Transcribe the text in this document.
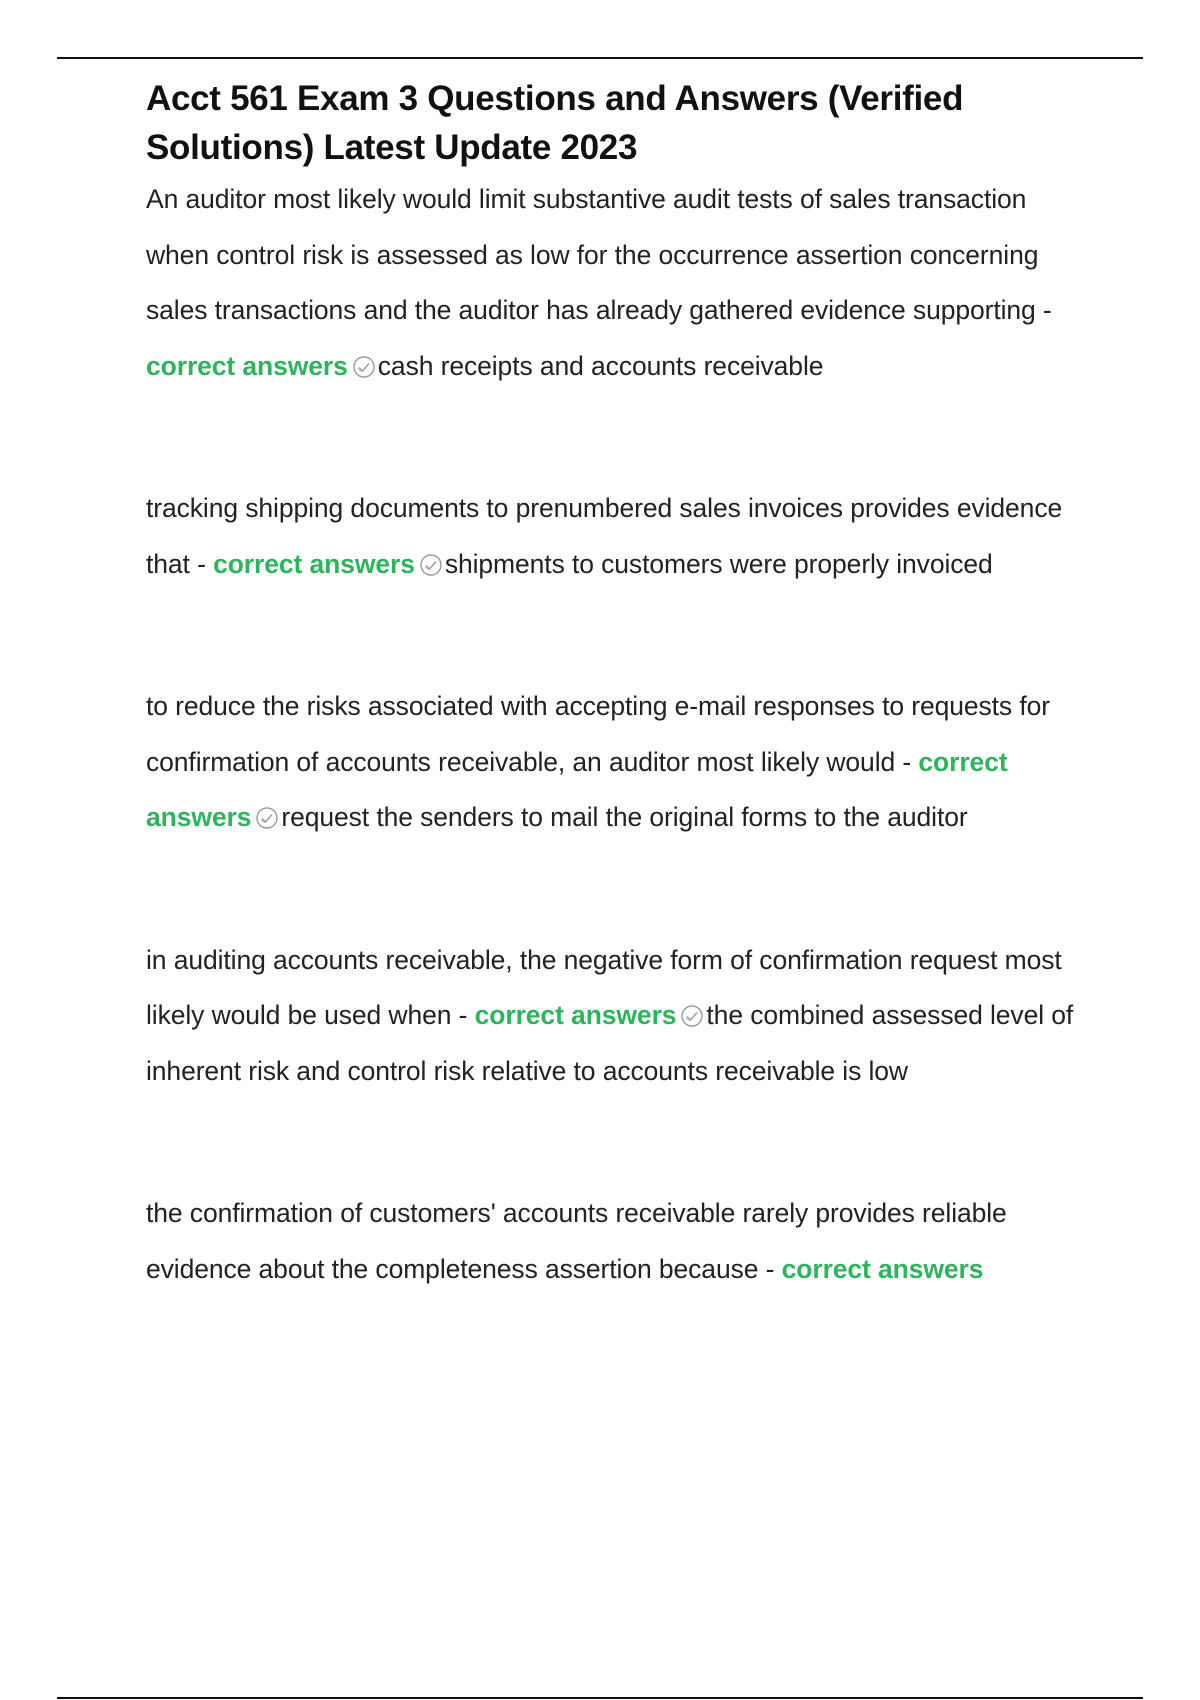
Acct 561 Exam 3 Questions and Answers (Verified Solutions) Latest Update 2023

An auditor most likely would limit substantive audit tests of sales transaction when control risk is assessed as low for the occurrence assertion concerning sales transactions and the auditor has already gathered evidence supporting - correct answers cash receipts and accounts receivable

tracking shipping documents to prenumbered sales invoices provides evidence that - correct answers shipments to customers were properly invoiced

to reduce the risks associated with accepting e-mail responses to requests for confirmation of accounts receivable, an auditor most likely would - correct answers request the senders to mail the original forms to the auditor

in auditing accounts receivable, the negative form of confirmation request most likely would be used when - correct answers the combined assessed level of inherent risk and control risk relative to accounts receivable is low

the confirmation of customers' accounts receivable rarely provides reliable evidence about the completeness assertion because - correct answers
